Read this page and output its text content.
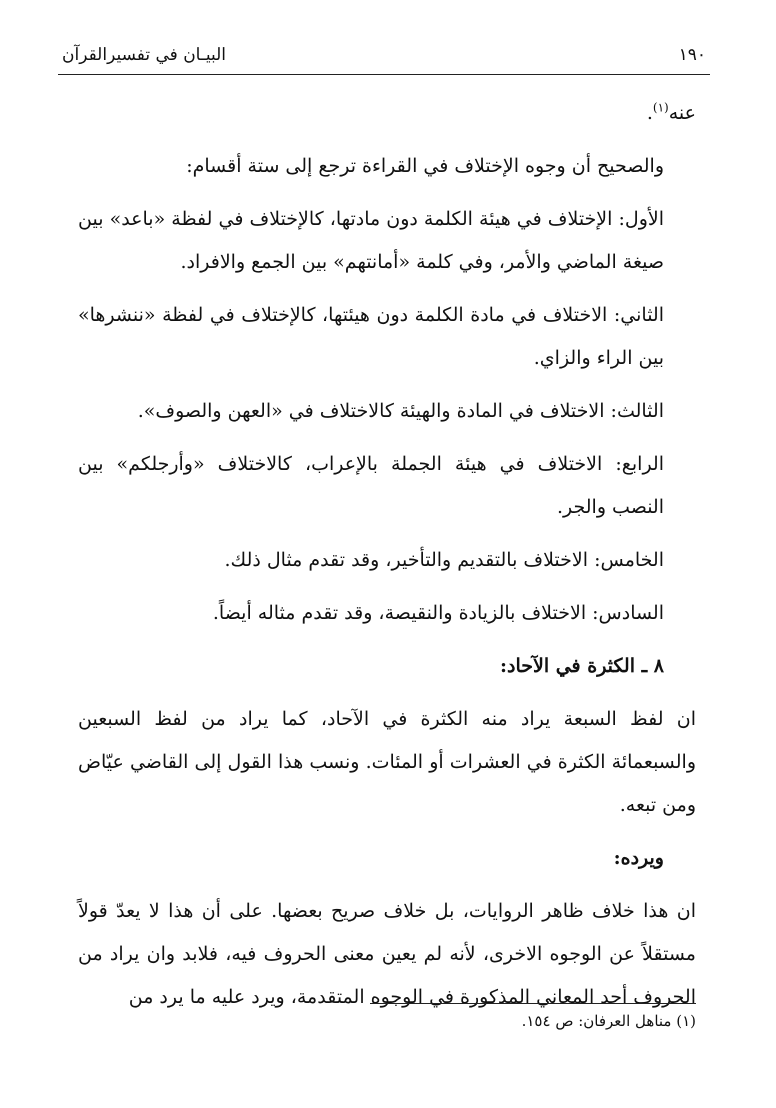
١٩٠
البيـان في تفسيرالقرآن

عنه$^{(١)}$.

والصحيح أن وجوه الإختلاف في القراءة ترجع إلى ستة أقسام:

الأول: الإختلاف في هيئة الكلمة دون مادتها، كالإختلاف في لفظة «باعد» بين صيغة الماضي والأمر، وفي كلمة «أمانتهم» بين الجمع والافراد.

الثاني: الاختلاف في مادة الكلمة دون هيئتها، كالإختلاف في لفظة «ننشرها» بين الراء والزاي.

الثالث: الاختلاف في المادة والهيئة كالاختلاف في «العهن والصوف».

الرابع: الاختلاف في هيئة الجملة بالإعراب، كالاختلاف «وأرجلكم» بين النصب والجر.

الخامس: الاختلاف بالتقديم والتأخير، وقد تقدم مثال ذلك.

السادس: الاختلاف بالزيادة والنقيصة، وقد تقدم مثاله أيضاً.

٨ ـ الكثرة في الآحاد:

ان لفظ السبعة يراد منه الكثرة في الآحاد، كما يراد من لفظ السبعين والسبعمائة الكثرة في العشرات أو المئات. ونسب هذا القول إلى القاضي عيّاض ومن تبعه.

ويرده:

ان هذا خلاف ظاهر الروايات، بل خلاف صريح بعضها. على أن هذا لا يعدّ قولاً مستقلاً عن الوجوه الاخرى، لأنه لم يعين معنى الحروف فيه، فلابد وان يراد من الحروف أحد المعاني المذكورة في الوجوه المتقدمة، ويرد عليه ما يرد من

(١) مناهل العرفان: ص ١٥٤.
